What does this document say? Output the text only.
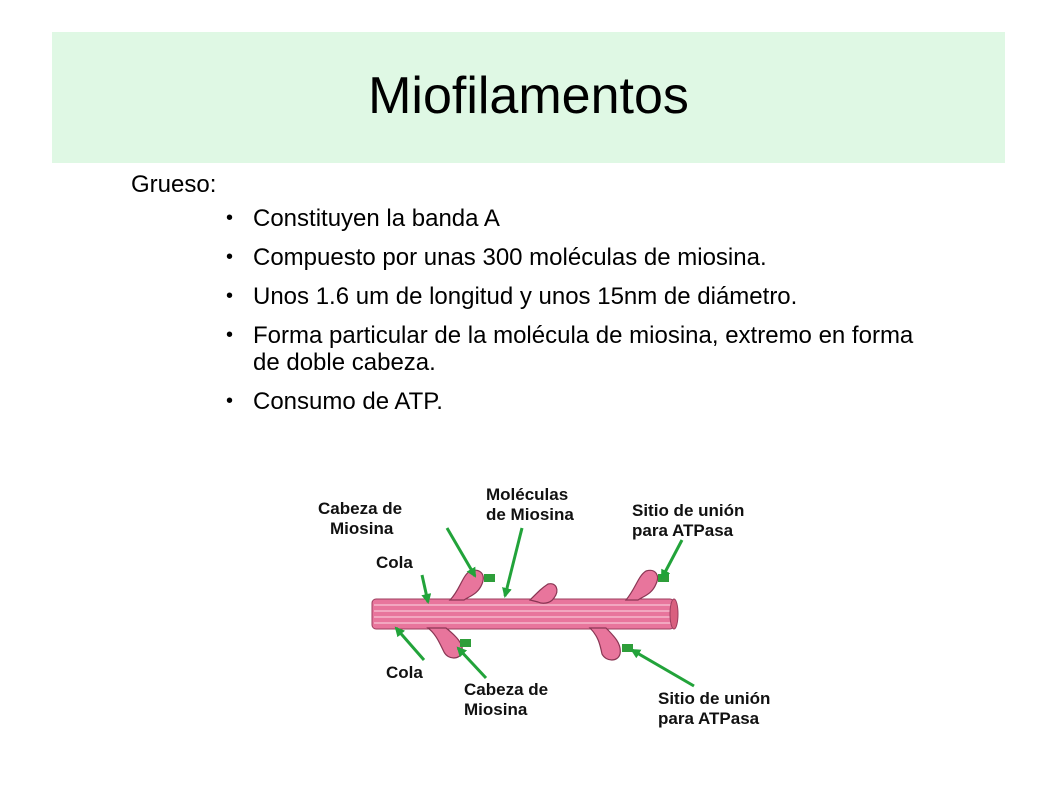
Miofilamentos
Grueso:
• Constituyen la banda A
• Compuesto por unas 300 moléculas de miosina.
• Unos 1.6 um de longitud y unos 15nm de diámetro.
• Forma particular de la molécula de miosina, extremo en forma de doble cabeza.
• Consumo de ATP.
Cabeza de
Miosina
Moléculas
de Miosina	Sitio de unión
para ATPasa
Cola
Cola
Cabeza de
Miosina
Sitio de unión
para ATPasa
